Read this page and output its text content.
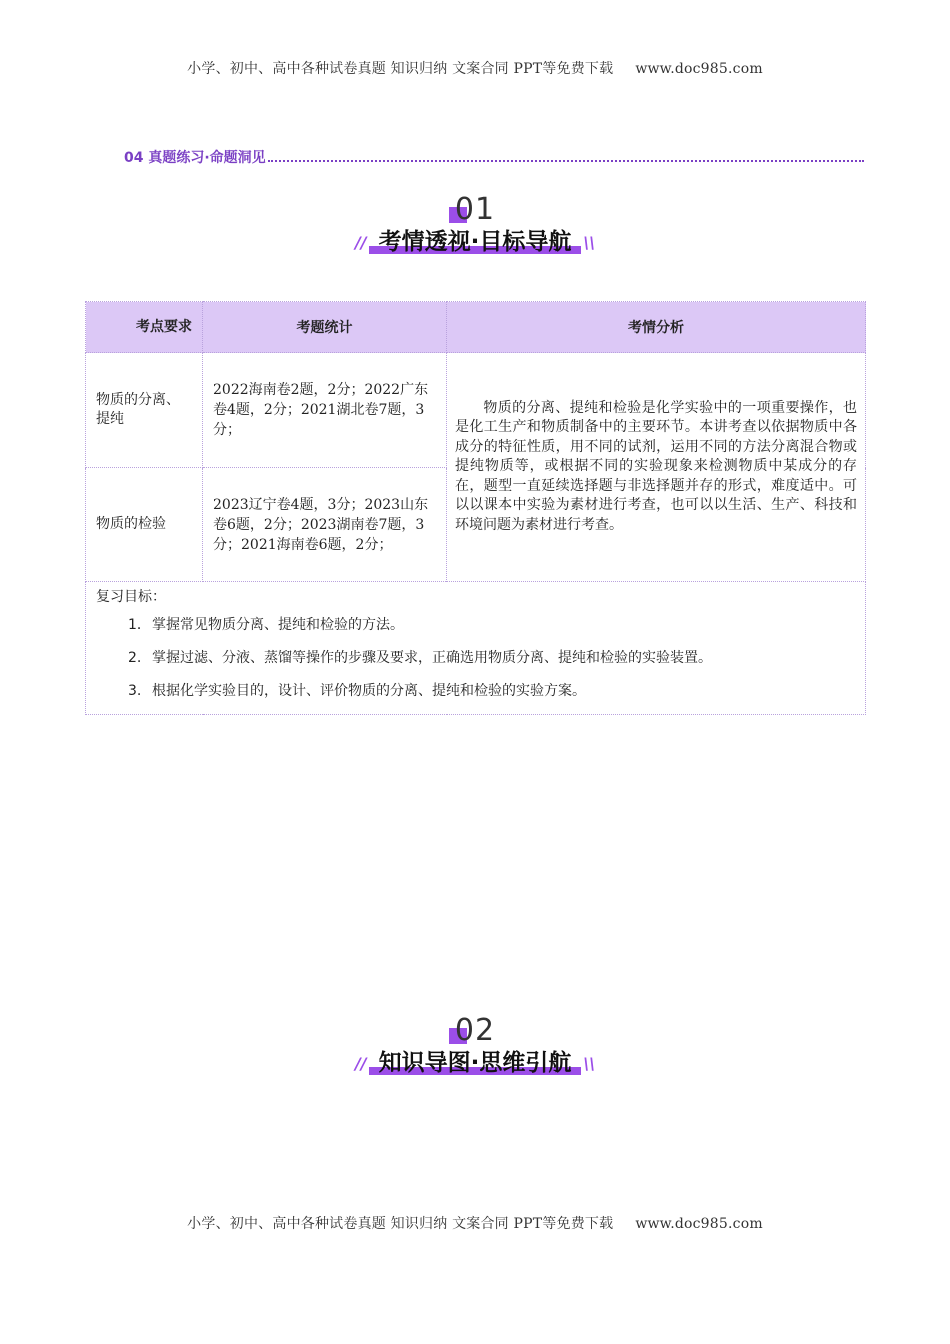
小学、初中、高中各种试卷真题 知识归纳 文案合同 PPT等免费下载 www.doc985.com
04 真题练习·命题洞见
01
// 考情透视·目标导航 \\
考点要求	考题统计	考情分析
物质的分离、提纯	2022海南卷2题，2分；2022广东卷4题，2分；2021湖北卷7题，3分；	物质的分离、提纯和检验是化学实验中的一项重要操作，也是化工生产和物质制备中的主要环节。本讲考查以依据物质中各成分的特征性质，用不同的试剂，运用不同的方法分离混合物或提纯物质等，或根据不同的实验现象来检测物质中某成分的存在，题型一直延续选择题与非选择题并存的形式，难度适中。可以以课本中实验为素材进行考查，也可以以生活、生产、科技和环境问题为素材进行考查。
物质的检验	2023辽宁卷4题，3分；2023山东卷6题，2分；2023湖南卷7题，3分；2021海南卷6题，2分；	

复习目标：
1．掌握常见物质分离、提纯和检验的方法。
2. 掌握过滤、分液、蒸馏等操作的步骤及要求，正确选用物质分离、提纯和检验的实验装置。
3. 根据化学实验目的，设计、评价物质的分离、提纯和检验的实验方案。		
02
// 知识导图·思维引航 \\
小学、初中、高中各种试卷真题 知识归纳 文案合同 PPT等免费下载 www.doc985.com
